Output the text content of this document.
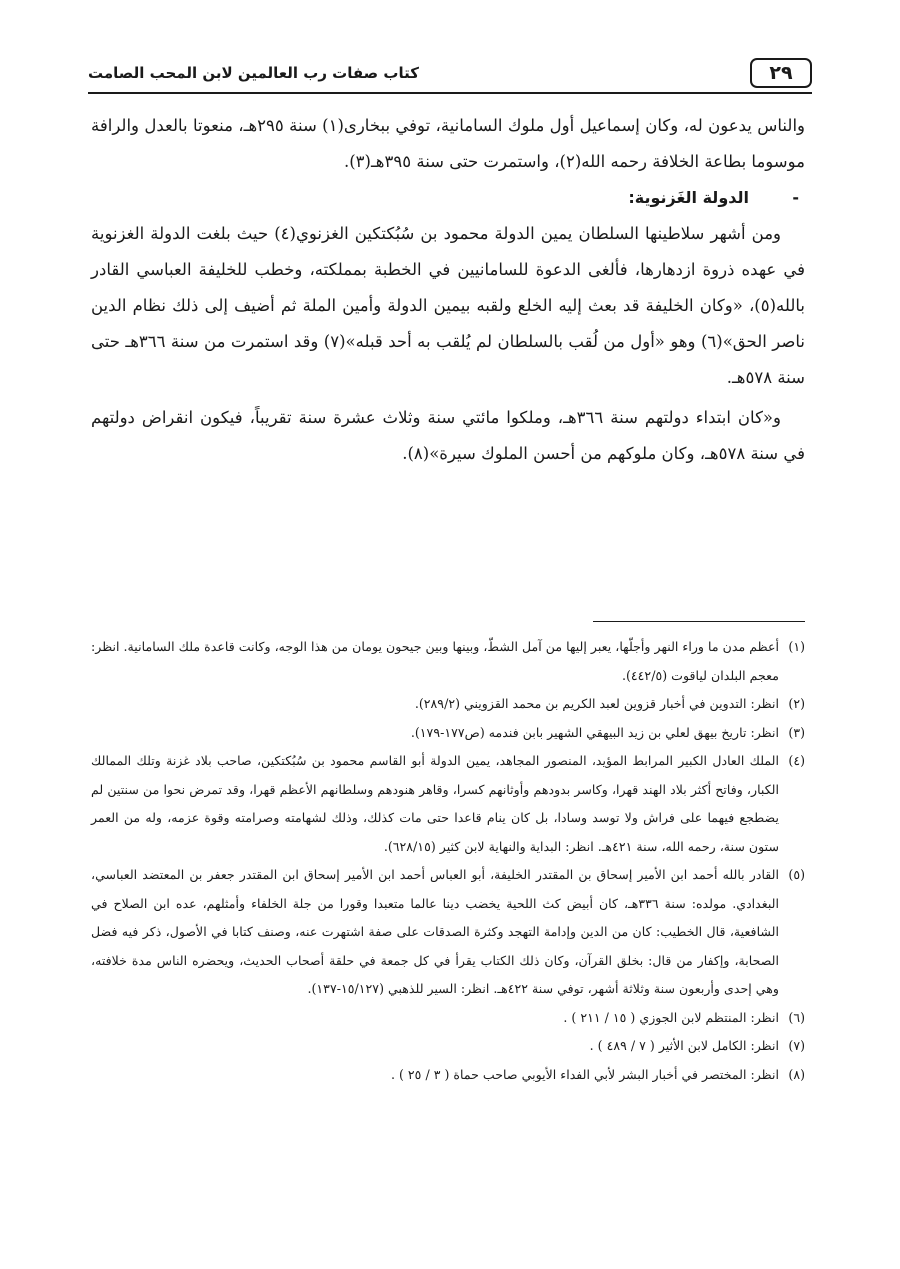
٢٩
كتاب صفات رب العالمين لابن المحب الصامت

والناس يدعون له، وكان إسماعيل أول ملوك السامانية، توفي ببخارى(١) سنة ٢٩٥هـ، منعوتا بالعدل والرافة موسوما بطاعة الخلافة رحمه الله(٢)، واستمرت حتى سنة ٣٩٥هـ(٣).

-الدولة الغَزنوية:

ومن أشهر سلاطينها السلطان يمين الدولة محمود بن سُبُكتكين الغزنوي(٤) حيث بلغت الدولة الغزنوية في عهده ذروة ازدهارها، فألغى الدعوة للسامانيين في الخطبة بمملكته، وخطب للخليفة العباسي القادر بالله(٥)، «وكان الخليفة قد بعث إليه الخلع ولقبه بيمين الدولة وأمين الملة ثم أضيف إلى ذلك نظام الدين ناصر الحق»(٦) وهو «أول من لُقب بالسلطان لم يُلقب به أحد قبله»(٧) وقد استمرت من سنة ٣٦٦هـ حتى سنة ٥٧٨هـ.

و«كان ابتداء دولتهم سنة ٣٦٦هـ، وملكوا مائتي سنة وثلاث عشرة سنة تقريباً، فيكون انقراض دولتهم في سنة ٥٧٨هـ، وكان ملوكهم من أحسن الملوك سيرة»(٨).

(١)أعظم مدن ما وراء النهر وأجلّها، يعبر إليها من آمل الشطّ، وبينها وبين جيحون يومان من هذا الوجه، وكانت قاعدة ملك السامانية. انظر: معجم البلدان لياقوت (٤٤٢/٥).

(٢)انظر: التدوين في أخبار قزوين لعبد الكريم بن محمد القزويني (٢٨٩/٢).

(٣)انظر: تاريخ بيهق لعلي بن زيد البيهقي الشهير بابن فندمه (ص١٧٧-١٧٩).

(٤)الملك العادل الكبير المرابط المؤيد، المنصور المجاهد، يمين الدولة أبو القاسم محمود بن سُبُكتكين، صاحب بلاد غزنة وتلك الممالك الكبار، وفاتح أكثر بلاد الهند قهرا، وكاسر بدودهم وأوثانهم كسرا، وقاهر هنودهم وسلطانهم الأعظم قهرا، وقد تمرض نحوا من سنتين لم يضطجع فيهما على فراش ولا توسد وسادا، بل كان ينام قاعدا حتى مات كذلك، وذلك لشهامته وصرامته وقوة عزمه، وله من العمر ستون سنة، رحمه الله، سنة ٤٢١هـ. انظر: البداية والنهاية لابن كثير (٦٢٨/١٥).

(٥)القادر بالله أحمد ابن الأمير إسحاق بن المقتدر الخليفة، أبو العباس أحمد ابن الأمير إسحاق ابن المقتدر جعفر بن المعتضد العباسي، البغدادي. مولده: سنة ٣٣٦هـ، كان أبيض كث اللحية يخضب دينا عالما متعبدا وقورا من جلة الخلفاء وأمثلهم، عده ابن الصلاح في الشافعية، قال الخطيب: كان من الدين وإدامة التهجد وكثرة الصدقات على صفة اشتهرت عنه، وصنف كتابا في الأصول، ذكر فيه فضل الصحابة، وإكفار من قال: بخلق القرآن، وكان ذلك الكتاب يقرأ في كل جمعة في حلقة أصحاب الحديث، ويحضره الناس مدة خلافته، وهي إحدى وأربعون سنة وثلاثة أشهر، توفي سنة ٤٢٢هـ. انظر: السير للذهبي (١٥/١٢٧-١٣٧).

(٦)انظر: المنتظم لابن الجوزي ( ١٥ / ٢١١ ) .

(٧)انظر: الكامل لابن الأثير ( ٧ / ٤٨٩ ) .

(٨)انظر: المختصر في أخبار البشر لأبي الفداء الأيوبي صاحب حماة ( ٣ / ٢٥ ) .
